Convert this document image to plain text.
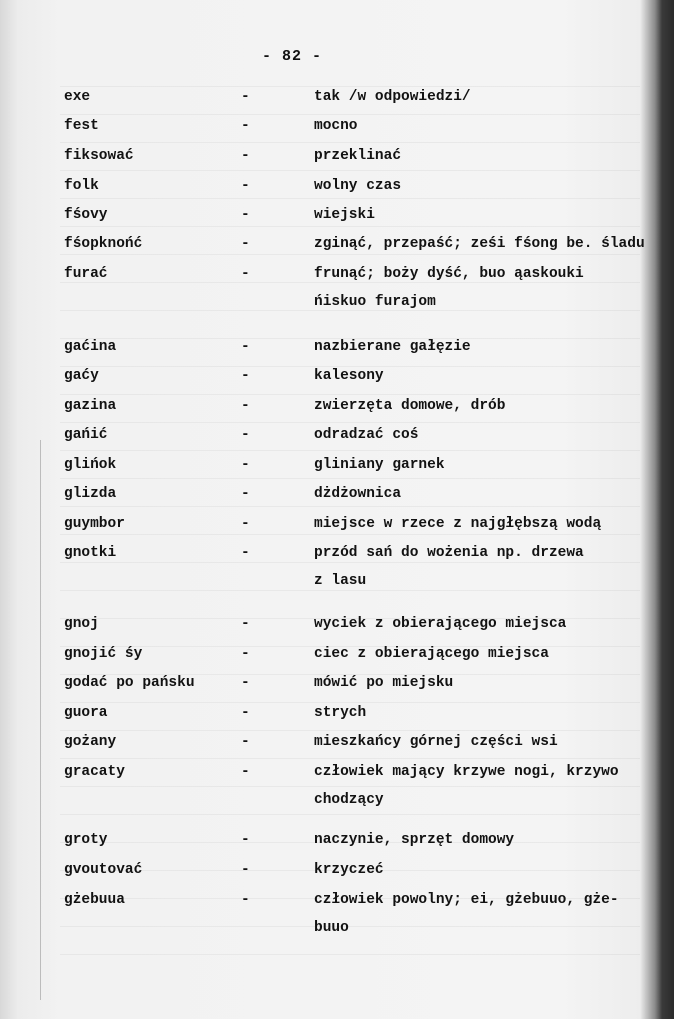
- 82 -
exe	-	tak /w odpowiedzi/
fest	-	mocno
fiksować	-	przeklinać
folk	-	wolny czas
fśovy	-	wiejski
fśopknońć	-	zginąć, przepaść; ześi fśong be. śladu
furać	-	frunąć; boży dyść, buo ąaskouki
ńiskuo furajom
gaćina	-	nazbierane gałęzie
gaćy	-	kalesony
gazina	-	zwierzęta domowe, drób
gańić	-	odradzać coś
glińok	-	gliniany garnek
glizda	-	dżdżownica
guymbor	-	miejsce w rzece z najgłębszą wodą
gnotki	-	przód sań do wożenia np. drzewa
z lasu
gnoj	-	wyciek z obierającego miejsca
gnojić śy	-	ciec z obierającego miejsca
godać po pańsku	-	mówić po miejsku
guora	-	strych
gożany	-	mieszkańcy górnej części wsi
gracaty	-	człowiek mający krzywe nogi, krzywo
chodzący
groty	-	naczynie, sprzęt domowy
gvoutovać	-	krzyczeć
gżebuua	-	człowiek powolny; ei, gżebuuo, gże-
buuo
